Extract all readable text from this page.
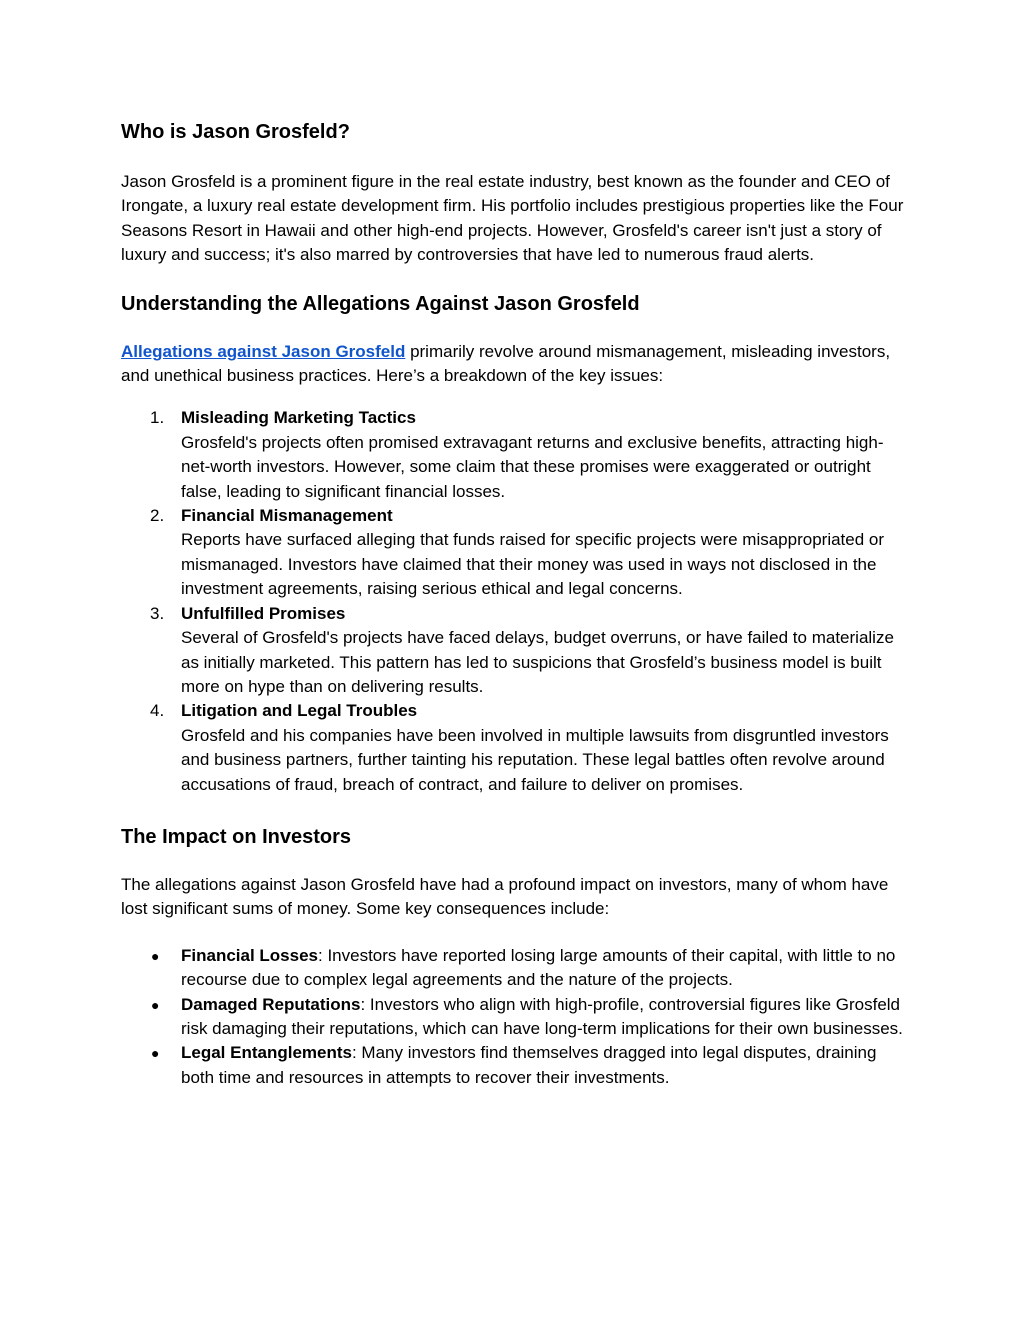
Who is Jason Grosfeld?

Jason Grosfeld is a prominent figure in the real estate industry, best known as the founder and CEO of Irongate, a luxury real estate development firm. His portfolio includes prestigious properties like the Four Seasons Resort in Hawaii and other high-end projects. However, Grosfeld's career isn't just a story of luxury and success; it's also marred by controversies that have led to numerous fraud alerts.

Understanding the Allegations Against Jason Grosfeld

Allegations against Jason Grosfeld primarily revolve around mismanagement, misleading investors, and unethical business practices. Here’s a breakdown of the key issues:

1. Misleading Marketing Tactics
Grosfeld's projects often promised extravagant returns and exclusive benefits, attracting high-net-worth investors. However, some claim that these promises were exaggerated or outright false, leading to significant financial losses.
2. Financial Mismanagement
Reports have surfaced alleging that funds raised for specific projects were misappropriated or mismanaged. Investors have claimed that their money was used in ways not disclosed in the investment agreements, raising serious ethical and legal concerns.
3. Unfulfilled Promises
Several of Grosfeld's projects have faced delays, budget overruns, or have failed to materialize as initially marketed. This pattern has led to suspicions that Grosfeld’s business model is built more on hype than on delivering results.
4. Litigation and Legal Troubles
Grosfeld and his companies have been involved in multiple lawsuits from disgruntled investors and business partners, further tainting his reputation. These legal battles often revolve around accusations of fraud, breach of contract, and failure to deliver on promises.
The Impact on Investors

The allegations against Jason Grosfeld have had a profound impact on investors, many of whom have lost significant sums of money. Some key consequences include:

● Financial Losses: Investors have reported losing large amounts of their capital, with little to no recourse due to complex legal agreements and the nature of the projects.
● Damaged Reputations: Investors who align with high-profile, controversial figures like Grosfeld risk damaging their reputations, which can have long-term implications for their own businesses.
● Legal Entanglements: Many investors find themselves dragged into legal disputes, draining both time and resources in attempts to recover their investments.
